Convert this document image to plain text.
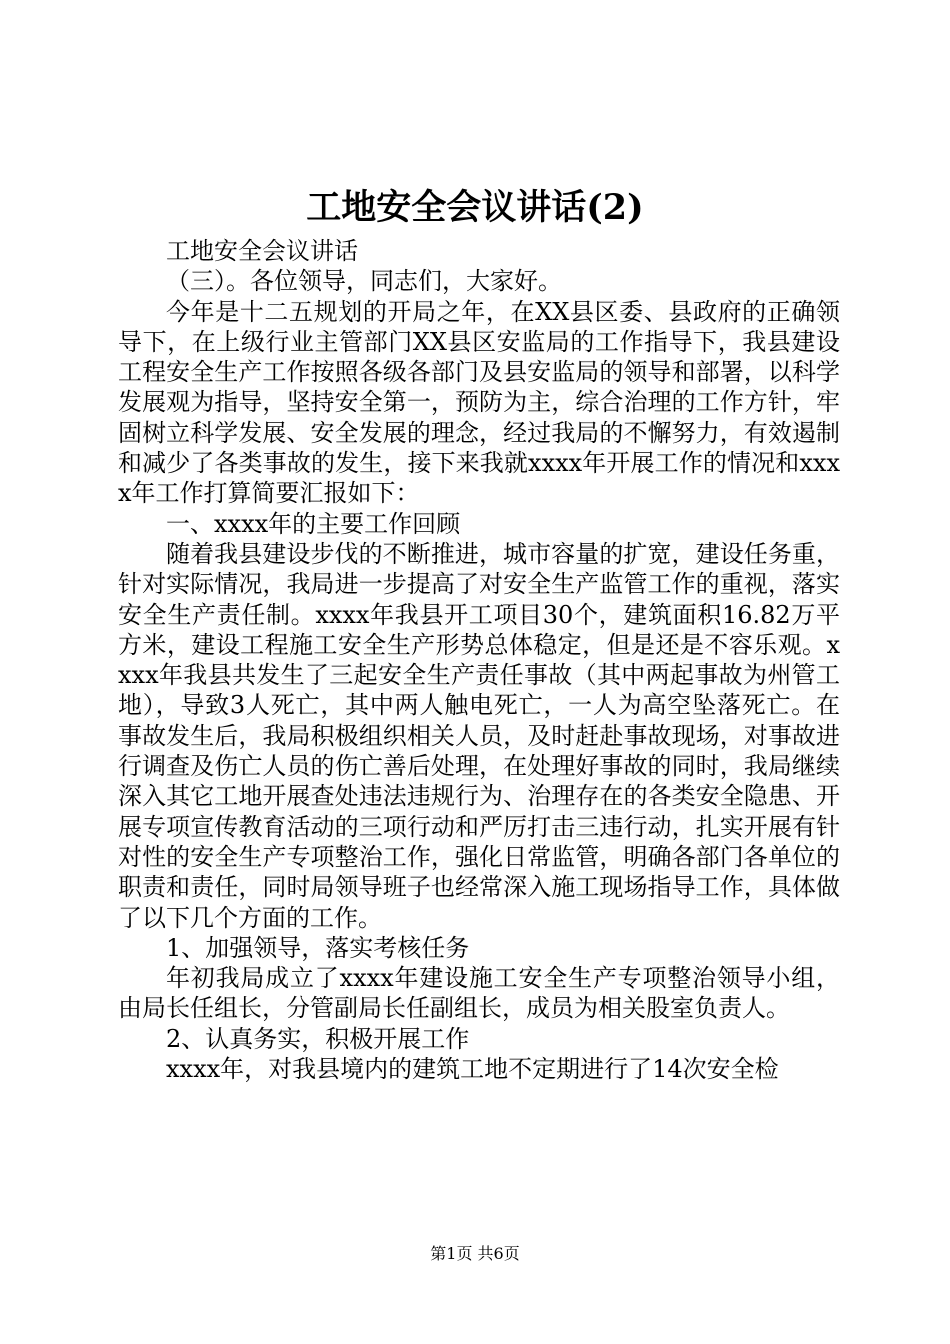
工地安全会议讲话(2)

工地安全会议讲话

（三）。各位领导，同志们，大家好。

今年是十二五规划的开局之年，在XX县区委、县政府的正确领导下，在上级行业主管部门XX县区安监局的工作指导下，我县建设工程安全生产工作按照各级各部门及县安监局的领导和部署，以科学发展观为指导，坚持安全第一，预防为主，综合治理的工作方针，牢固树立科学发展、安全发展的理念，经过我局的不懈努力，有效遏制和减少了各类事故的发生，接下来我就xxxx年开展工作的情况和xxxx年工作打算简要汇报如下：

一、xxxx年的主要工作回顾

随着我县建设步伐的不断推进，城市容量的扩宽，建设任务重，针对实际情况，我局进一步提高了对安全生产监管工作的重视，落实安全生产责任制。xxxx年我县开工项目30个，建筑面积16.82万平方米，建设工程施工安全生产形势总体稳定，但是还是不容乐观。xxxx年我县共发生了三起安全生产责任事故（其中两起事故为州管工地），导致3人死亡，其中两人触电死亡，一人为高空坠落死亡。在事故发生后，我局积极组织相关人员，及时赶赴事故现场，对事故进行调查及伤亡人员的伤亡善后处理，在处理好事故的同时，我局继续深入其它工地开展查处违法违规行为、治理存在的各类安全隐患、开展专项宣传教育活动的三项行动和严厉打击三违行动，扎实开展有针对性的安全生产专项整治工作，强化日常监管，明确各部门各单位的职责和责任，同时局领导班子也经常深入施工现场指导工作，具体做了以下几个方面的工作。

1、加强领导，落实考核任务

年初我局成立了xxxx年建设施工安全生产专项整治领导小组，由局长任组长，分管副局长任副组长，成员为相关股室负责人。

2、认真务实，积极开展工作

xxxx年，对我县境内的建筑工地不定期进行了14次安全检

第1页 共6页
